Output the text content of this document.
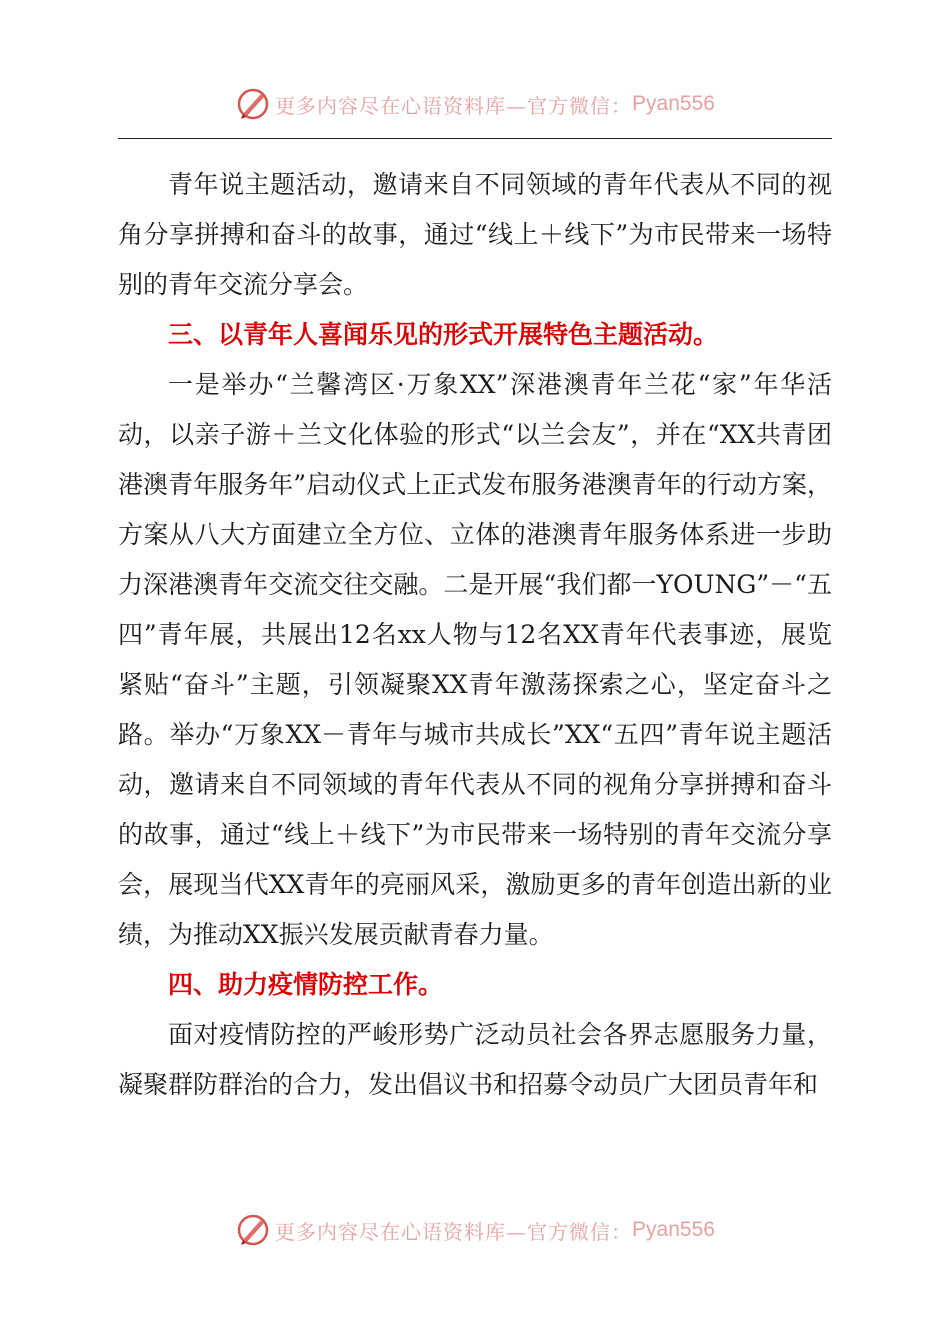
更多内容尽在心语资料库—官方微信： Pyan556

青年说主题活动，邀请来自不同领域的青年代表从不同的视角分享拼搏和奋斗的故事，通过“线上＋线下”为市民带来一场特别的青年交流分享会。

三、以青年人喜闻乐见的形式开展特色主题活动。

一是举办“兰馨湾区·万象XX”深港澳青年兰花“家”年华活动，以亲子游＋兰文化体验的形式“以兰会友”，并在“XX共青团港澳青年服务年”启动仪式上正式发布服务港澳青年的行动方案，方案从八大方面建立全方位、立体的港澳青年服务体系进一步助力深港澳青年交流交往交融。二是开展“我们都一YOUNG”－“五四”青年展，共展出12名xx人物与12名XX青年代表事迹，展览紧贴“奋斗”主题，引领凝聚XX青年激荡探索之心，坚定奋斗之路。举办“万象XX－青年与城市共成长”XX“五四”青年说主题活动，邀请来自不同领域的青年代表从不同的视角分享拼搏和奋斗的故事，通过“线上＋线下”为市民带来一场特别的青年交流分享会，展现当代XX青年的亮丽风采，激励更多的青年创造出新的业绩，为推动XX振兴发展贡献青春力量。

四、助力疫情防控工作。

面对疫情防控的严峻形势广泛动员社会各界志愿服务力量，凝聚群防群治的合力，发出倡议书和招募令动员广大团员青年和

更多内容尽在心语资料库—官方微信： Pyan556
